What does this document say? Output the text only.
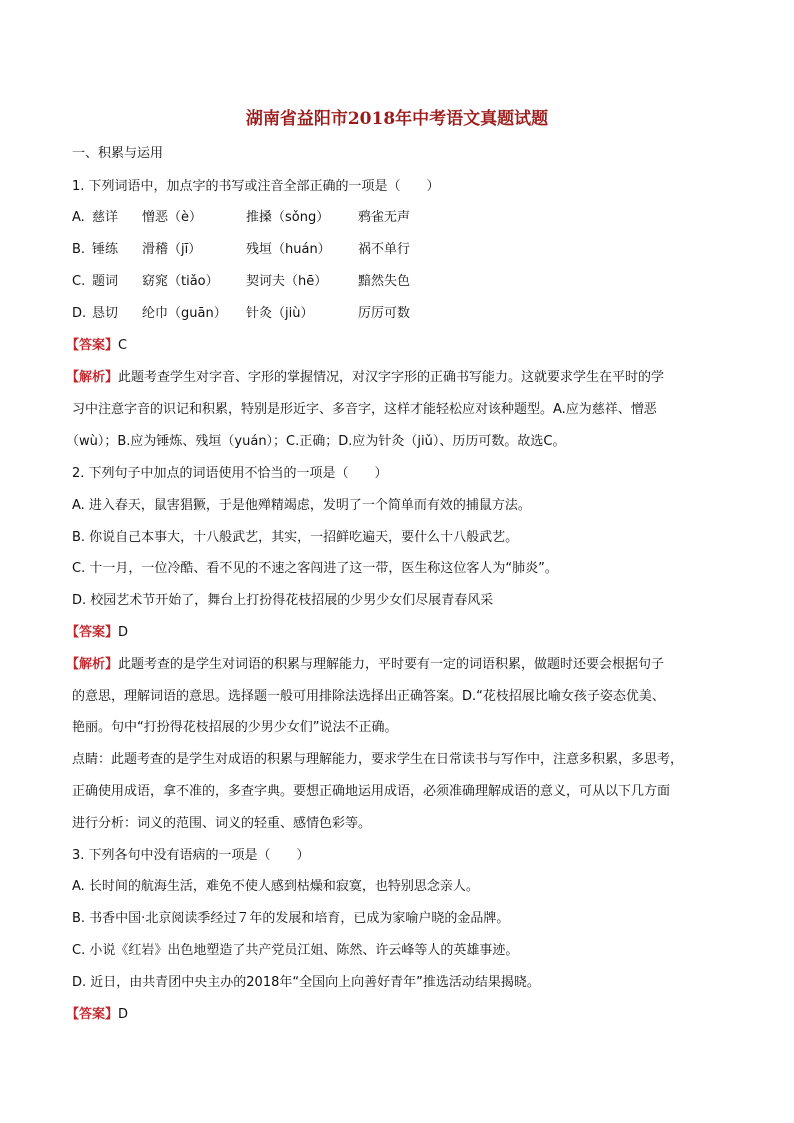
湖南省益阳市2018年中考语文真题试题
一、积累与运用
1. 下列词语中，加点字的书写或注音全部正确的一项是（　　）
A. 慈详 憎恶（è）	推搡（sǒng） 鸦雀无声
B. 锤练 滑稽（jī）	残垣（huán） 祸不单行
C. 题词 窈窕（tiǎo） 契诃夫（hē） 黯然失色
D. 恳切 纶巾（guān） 针灸（jiù）	厉厉可数
【答案】C
【解析】此题考查学生对字音、字形的掌握情况，对汉字字形的正确书写能力。这就要求学生在平时的学
习中注意字音的识记和积累，特别是形近字、多音字，这样才能轻松应对该种题型。A.应为慈祥、憎恶
（wù）；B.应为锤炼、残垣（yuán）；C.正确；D.应为针灸（jiǔ）、历历可数。故选C。
2. 下列句子中加点的词语使用不恰当的一项是（　　）
A. 进入春天，鼠害猖獗，于是他殚精竭虑，发明了一个简单而有效的捕鼠方法。
B. 你说自己本事大，十八般武艺，其实，一招鲜吃遍天，要什么十八般武艺。
C. 十一月，一位冷酷、看不见的不速之客闯进了这一带，医生称这位客人为“肺炎”。
D. 校园艺术节开始了，舞台上打扮得花枝招展的少男少女们尽展青春风采
【答案】D
【解析】此题考查的是学生对词语的积累与理解能力，平时要有一定的词语积累，做题时还要会根据句子
的意思，理解词语的意思。选择题一般可用排除法选择出正确答案。D.“花枝招展比喻女孩子姿态优美、
艳丽。句中“打扮得花枝招展的少男少女们”说法不正确。
点睛：此题考查的是学生对成语的积累与理解能力，要求学生在日常读书与写作中，注意多积累，多思考，
正确使用成语，拿不准的，多查字典。要想正确地运用成语，必须准确理解成语的意义，可从以下几方面
进行分析：词义的范围、词义的轻重、感情色彩等。
3. 下列各句中没有语病的一项是（　　）
A. 长时间的航海生活，难免不使人感到枯燥和寂寞，也特别思念亲人。
B. 书香中国·北京阅读季经过７年的发展和培育，已成为家喻户晓的金品牌。
C. 小说《红岩》出色地塑造了共产党员江姐、陈然、许云峰等人的英雄事迹。
D. 近日，由共青团中央主办的2018年“全国向上向善好青年”推选活动结果揭晓。
【答案】D
